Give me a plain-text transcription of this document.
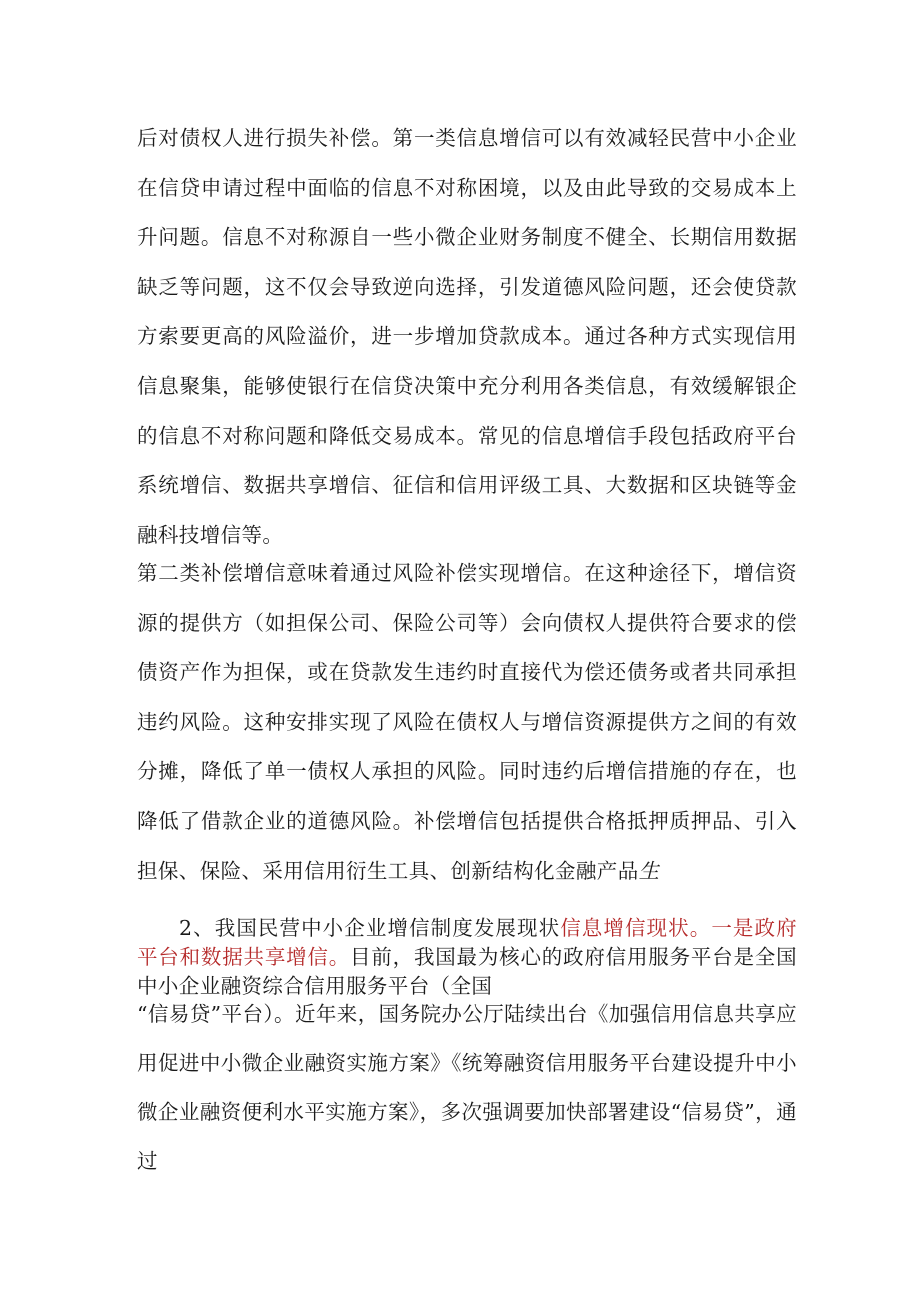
后对债权人进行损失补偿。第一类信息增信可以有效减轻民营中小企业在信贷申请过程中面临的信息不对称困境，以及由此导致的交易成本上升问题。信息不对称源自一些小微企业财务制度不健全、长期信用数据缺乏等问题，这不仅会导致逆向选择，引发道德风险问题，还会使贷款方索要更高的风险溢价，进一步增加贷款成本。通过各种方式实现信用信息聚集，能够使银行在信贷决策中充分利用各类信息，有效缓解银企的信息不对称问题和降低交易成本。常见的信息增信手段包括政府平台系统增信、数据共享增信、征信和信用评级工具、大数据和区块链等金融科技增信等。

第二类补偿增信意味着通过风险补偿实现增信。在这种途径下，增信资源的提供方（如担保公司、保险公司等）会向债权人提供符合要求的偿债资产作为担保，或在贷款发生违约时直接代为偿还债务或者共同承担违约风险。这种安排实现了风险在债权人与增信资源提供方之间的有效分摊，降低了单一债权人承担的风险。同时违约后增信措施的存在，也降低了借款企业的道德风险。补偿增信包括提供合格抵押质押品、引入担保、保险、采用信用衍生工具、创新结构化金融产品生

2、我国民营中小企业增信制度发展现状信息增信现状。一是政府平台和数据共享增信。目前，我国最为核心的政府信用服务平台是全国中小企业融资综合信用服务平台（全国

“信易贷”平台）。近年来，国务院办公厅陆续出台《加强信用信息共享应用促进中小微企业融资实施方案》《统筹融资信用服务平台建设提升中小微企业融资便利水平实施方案》，多次强调要加快部署建设“信易贷”，通过
